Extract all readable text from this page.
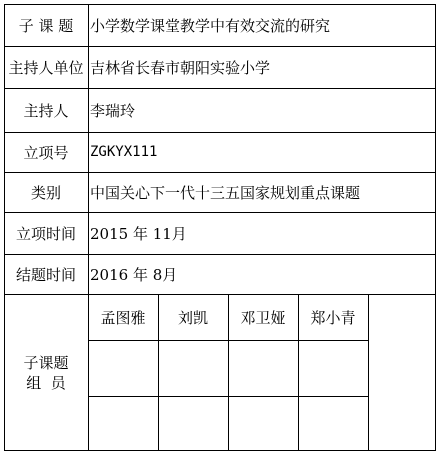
子 课 题	小学数学课堂教学中有效交流的研究
主持人单位 吉林省长春市朝阳实验小学
主持人	李瑞玲
立项号	ZGKYX111
类别	中国关心下一代十三五国家规划重点课题
立项时间 2015 年 11月
结题时间 2016 年 8月
子课题
组  员
孟图雅	刘凯	邓卫娅	郑小青
